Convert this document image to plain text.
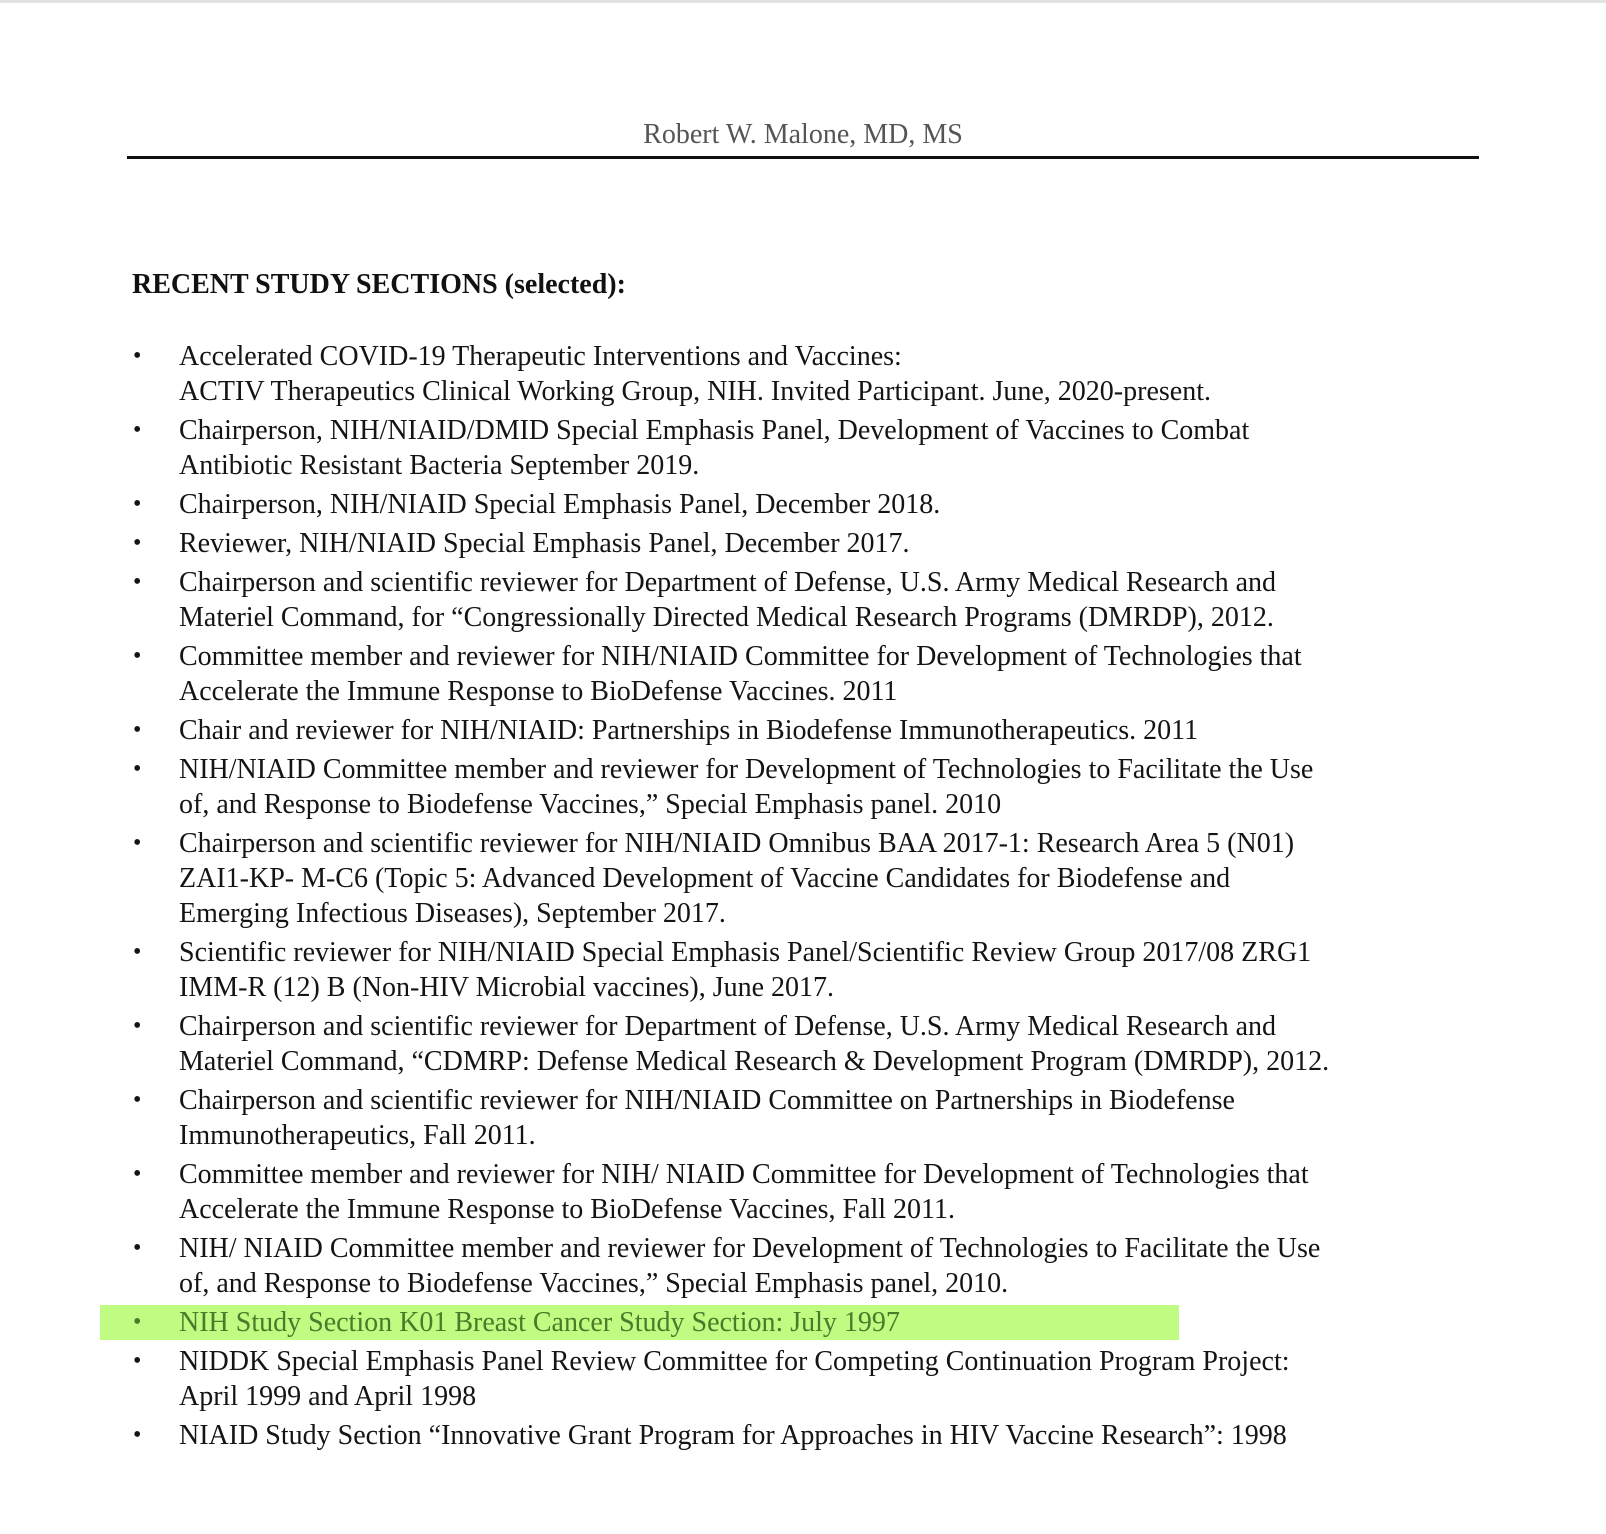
Robert W. Malone, MD, MS
RECENT STUDY SECTIONS (selected):
• Accelerated COVID-19 Therapeutic Interventions and Vaccines:
ACTIV Therapeutics Clinical Working Group, NIH. Invited Participant. June, 2020-present.
• Chairperson, NIH/NIAID/DMID Special Emphasis Panel, Development of Vaccines to Combat
Antibiotic Resistant Bacteria September 2019.
• Chairperson, NIH/NIAID Special Emphasis Panel, December 2018.
• Reviewer, NIH/NIAID Special Emphasis Panel, December 2017.
• Chairperson and scientific reviewer for Department of Defense, U.S. Army Medical Research and
Materiel Command, for “Congressionally Directed Medical Research Programs (DMRDP), 2012.
• Committee member and reviewer for NIH/NIAID Committee for Development of Technologies that
Accelerate the Immune Response to BioDefense Vaccines. 2011
• Chair and reviewer for NIH/NIAID: Partnerships in Biodefense Immunotherapeutics. 2011
• NIH/NIAID Committee member and reviewer for Development of Technologies to Facilitate the Use
of, and Response to Biodefense Vaccines,” Special Emphasis panel. 2010
• Chairperson and scientific reviewer for NIH/NIAID Omnibus BAA 2017-1: Research Area 5 (N01)
ZAI1-KP- M-C6 (Topic 5: Advanced Development of Vaccine Candidates for Biodefense and
Emerging Infectious Diseases), September 2017.
• Scientific reviewer for NIH/NIAID Special Emphasis Panel/Scientific Review Group 2017/08 ZRG1
IMM-R (12) B (Non-HIV Microbial vaccines), June 2017.
• Chairperson and scientific reviewer for Department of Defense, U.S. Army Medical Research and
Materiel Command, “CDMRP: Defense Medical Research & Development Program (DMRDP), 2012.
• Chairperson and scientific reviewer for NIH/NIAID Committee on Partnerships in Biodefense
Immunotherapeutics, Fall 2011.
• Committee member and reviewer for NIH/ NIAID Committee for Development of Technologies that
Accelerate the Immune Response to BioDefense Vaccines, Fall 2011.
• NIH/ NIAID Committee member and reviewer for Development of Technologies to Facilitate the Use
of, and Response to Biodefense Vaccines,” Special Emphasis panel, 2010.
• NIH Study Section K01 Breast Cancer Study Section: July 1997
• NIDDK Special Emphasis Panel Review Committee for Competing Continuation Program Project:
April 1999 and April 1998
• NIAID Study Section “Innovative Grant Program for Approaches in HIV Vaccine Research”: 1998
